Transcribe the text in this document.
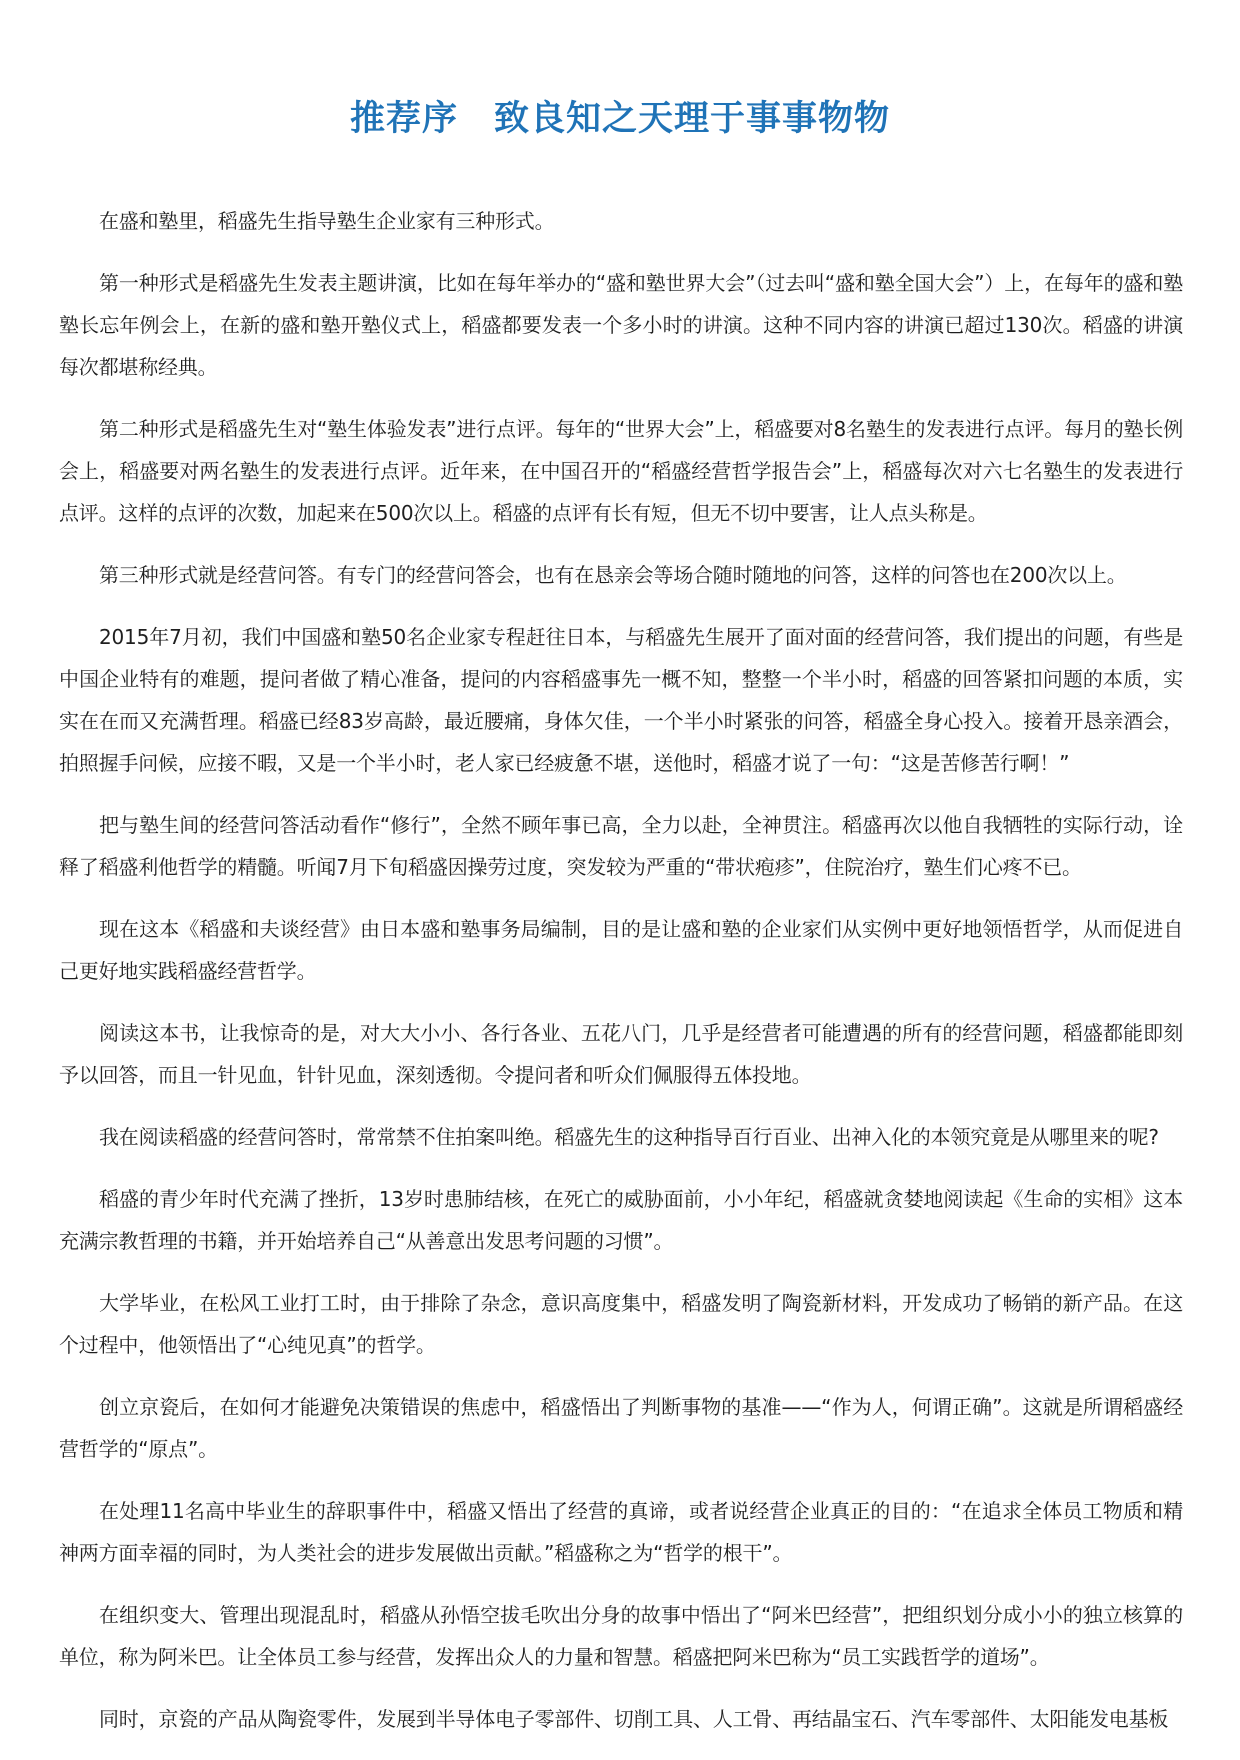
推荐序　致良知之天理于事事物物

在盛和塾里，稻盛先生指导塾生企业家有三种形式。

第一种形式是稻盛先生发表主题讲演，比如在每年举办的“盛和塾世界大会”（过去叫“盛和塾全国大会”）上，在每年的盛和塾塾长忘年例会上，在新的盛和塾开塾仪式上，稻盛都要发表一个多小时的讲演。这种不同内容的讲演已超过130次。稻盛的讲演每次都堪称经典。

第二种形式是稻盛先生对“塾生体验发表”进行点评。每年的“世界大会”上，稻盛要对8名塾生的发表进行点评。每月的塾长例会上，稻盛要对两名塾生的发表进行点评。近年来，在中国召开的“稻盛经营哲学报告会”上，稻盛每次对六七名塾生的发表进行点评。这样的点评的次数，加起来在500次以上。稻盛的点评有长有短，但无不切中要害，让人点头称是。

第三种形式就是经营问答。有专门的经营问答会，也有在恳亲会等场合随时随地的问答，这样的问答也在200次以上。

2015年7月初，我们中国盛和塾50名企业家专程赶往日本，与稻盛先生展开了面对面的经营问答，我们提出的问题，有些是中国企业特有的难题，提问者做了精心准备，提问的内容稻盛事先一概不知，整整一个半小时，稻盛的回答紧扣问题的本质，实实在在而又充满哲理。稻盛已经83岁高龄，最近腰痛，身体欠佳，一个半小时紧张的问答，稻盛全身心投入。接着开恳亲酒会，拍照握手问候，应接不暇，又是一个半小时，老人家已经疲惫不堪，送他时，稻盛才说了一句：“这是苦修苦行啊！”

把与塾生间的经营问答活动看作“修行”，全然不顾年事已高，全力以赴，全神贯注。稻盛再次以他自我牺牲的实际行动，诠释了稻盛利他哲学的精髓。听闻7月下旬稻盛因操劳过度，突发较为严重的“带状疱疹”，住院治疗，塾生们心疼不已。

现在这本《稻盛和夫谈经营》由日本盛和塾事务局编制，目的是让盛和塾的企业家们从实例中更好地领悟哲学，从而促进自己更好地实践稻盛经营哲学。

阅读这本书，让我惊奇的是，对大大小小、各行各业、五花八门，几乎是经营者可能遭遇的所有的经营问题，稻盛都能即刻予以回答，而且一针见血，针针见血，深刻透彻。令提问者和听众们佩服得五体投地。

我在阅读稻盛的经营问答时，常常禁不住拍案叫绝。稻盛先生的这种指导百行百业、出神入化的本领究竟是从哪里来的呢?

稻盛的青少年时代充满了挫折，13岁时患肺结核，在死亡的威胁面前，小小年纪，稻盛就贪婪地阅读起《生命的实相》这本充满宗教哲理的书籍，并开始培养自己“从善意出发思考问题的习惯”。

大学毕业，在松风工业打工时，由于排除了杂念，意识高度集中，稻盛发明了陶瓷新材料，开发成功了畅销的新产品。在这个过程中，他领悟出了“心纯见真”的哲学。

创立京瓷后，在如何才能避免决策错误的焦虑中，稻盛悟出了判断事物的基准——“作为人，何谓正确”。这就是所谓稻盛经营哲学的“原点”。

在处理11名高中毕业生的辞职事件中，稻盛又悟出了经营的真谛，或者说经营企业真正的目的：“在追求全体员工物质和精神两方面幸福的同时，为人类社会的进步发展做出贡献。”稻盛称之为“哲学的根干”。

在组织变大、管理出现混乱时，稻盛从孙悟空拔毛吹出分身的故事中悟出了“阿米巴经营”，把组织划分成小小的独立核算的单位，称为阿米巴。让全体员工参与经营，发挥出众人的力量和智慧。稻盛把阿米巴称为“员工实践哲学的道场”。

同时，京瓷的产品从陶瓷零件，发展到半导体电子零部件、切削工具、人工骨、再结晶宝石、汽车零部件、太阳能发电基板
